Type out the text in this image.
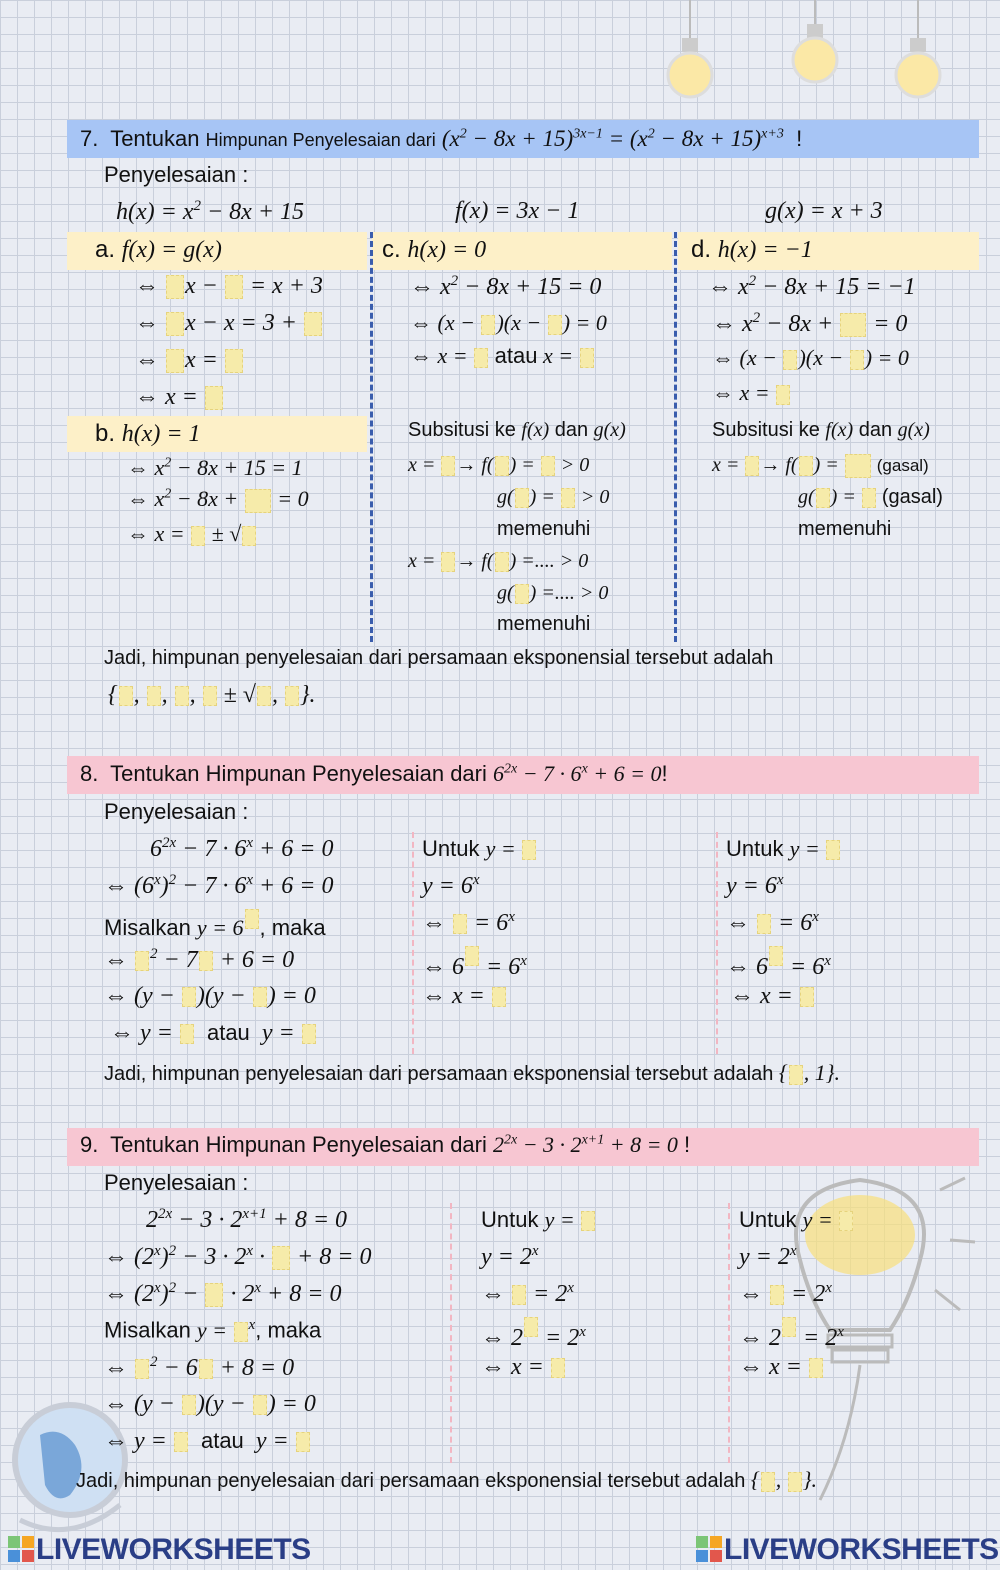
7. Tentukan Himpunan Penyelesaian dari $(x^2 - 8x + 15)^{3x-1} = (x^2 - 8x + 15)^{x+3}$ !
Penyelesaian :
$h(x) = x^2 - 8x + 15$	f(x) = 3x − 1	g(x) = x + 3
a. f(x) = g(x)	c. h(x) = 0	d. h(x) = −1
⇔ x −  = x + 3
⇔ x − x = 3 +
⇔ x =
⇔ x =
b. h(x) = 1
⇔ $x^2 - 8x + 15 = 1$
⇔ $x^2 - 8x$ +  = 0
⇔ x =  ± √
⇔ $x^2 - 8x + 15 = 0$
⇔ (x − )(x − ) = 0
⇔ x =  atau x =
Subsitusi ke f(x) dan g(x)
x = → f( ) =  > 0
g( ) =  > 0
memenuhi
x = → f( ) =.... > 0
g( ) =.... > 0
memenuhi
⇔ $x^2 - 8x + 15 = -1$
⇔ $x^2 - 8x$ +  = 0
⇔ (x − )(x − ) = 0
⇔ x =
Subsitusi ke f(x) dan g(x)
x = → f( ) =  (gasal)
g( ) =  (gasal)
memenuhi
Jadi, himpunan penyelesaian dari persamaan eksponensial tersebut adalah
{ , , ,  ± √ , }.
8.  Tentukan Himpunan Penyelesaian dari $6^{2x} - 7 \cdot 6^x + 6 = 0$!
Penyelesaian :
$6^{2x} - 7 \cdot 6^x + 6 = 0$
⇔ $(6^x)^2 - 7 \cdot 6^x + 6 = 0$
Misalkan y = 6 , maka
⇔ $^2$ − 7 + 6 = 0
⇔ (y − )(y − ) = 0
⇔ y =   atau  y =
Untuk y =
$y = 6^x$
⇔  = $6^x$
⇔ $6 = 6^x$
⇔ x =
Untuk y =
$y = 6^x$
⇔  = $6^x$
⇔ $6 = 6^x$
⇔ x =
Jadi, himpunan penyelesaian dari persamaan eksponensial tersebut adalah { , 1}.
9.  Tentukan Himpunan Penyelesaian dari $2^{2x} - 3 \cdot 2^{x+1} + 8 = 0$ !
Penyelesaian :
$2^{2x} - 3 \cdot 2^{x+1} + 8 = 0$
⇔ $(2^x)^2 - 3 \cdot 2^x$ ·  + 8 = 0
⇔ $(2^x)^2$ −  · $2^x + 8 = 0$
Misalkan y = $^x$, maka
⇔ $^2$ − 6 + 8 = 0
⇔ (y − )(y − ) = 0
⇔ y =   atau  y =
Untuk y =
$y = 2^x$
⇔  = $2^x$
⇔ $2 = 2^x$
⇔ x =
Untuk y =
$y = 2^x$
⇔  = $2^x$
⇔ $2 = 2^x$
⇔ x =
Jadi, himpunan penyelesaian dari persamaan eksponensial tersebut adalah { , }.
LIVEWORKSHEETS	LIVEWORKSHEETS
